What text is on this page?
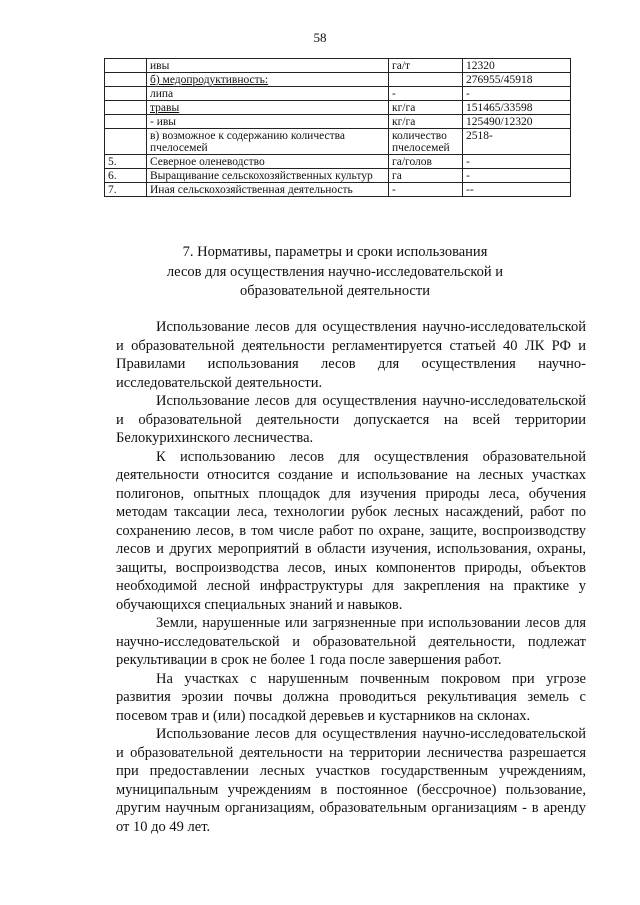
58
	ивы	га/т	12320
	б) медопродуктивность:		276955/45918
	липа	-	-
	травы	кг/га	151465/33598
	- ивы	кг/га	125490/12320
	в) возможное к содержанию количества пчелосемей	количество пчелосемей	2518-
5.	Северное оленеводство	га/голов	-
6.	Выращивание сельскохозяйственных культур	га	-
7.	Иная сельскохозяйственная деятельность	-	--
7. Нормативы, параметры и сроки использования
лесов для осуществления научно-исследовательской и
образовательной деятельности

Использование лесов для осуществления научно-исследовательской и образовательной деятельности регламентируется статьей 40 ЛК РФ и Правилами использования лесов для осуществления научно-исследовательской деятельности.

Использование лесов для осуществления научно-исследовательской и образовательной деятельности допускается на всей территории Белокурихинского лесничества.

К использованию лесов для осуществления образовательной деятельности относится создание и использование на лесных участках полигонов, опытных площадок для изучения природы леса, обучения методам таксации леса, технологии рубок лесных насаждений, работ по сохранению лесов, в том числе работ по охране, защите, воспроизводству лесов и других мероприятий в области изучения, использования, охраны, защиты, воспроизводства лесов, иных компонентов природы, объектов необходимой лесной инфраструктуры для закрепления на практике у обучающихся специальных знаний и навыков.

Земли, нарушенные или загрязненные при использовании лесов для научно-исследовательской и образовательной деятельности, подлежат рекультивации в срок не более 1 года после завершения работ.

На участках с нарушенным почвенным покровом при угрозе развития эрозии почвы должна проводиться рекультивация земель с посевом трав и (или) посадкой деревьев и кустарников на склонах.

Использование лесов для осуществления научно-исследовательской и образовательной деятельности на территории лесничества разрешается при предоставлении лесных участков государственным учреждениям, муниципальным учреждениям в постоянное (бессрочное) пользование, другим научным организациям, образовательным организациям - в аренду от 10 до 49 лет.
